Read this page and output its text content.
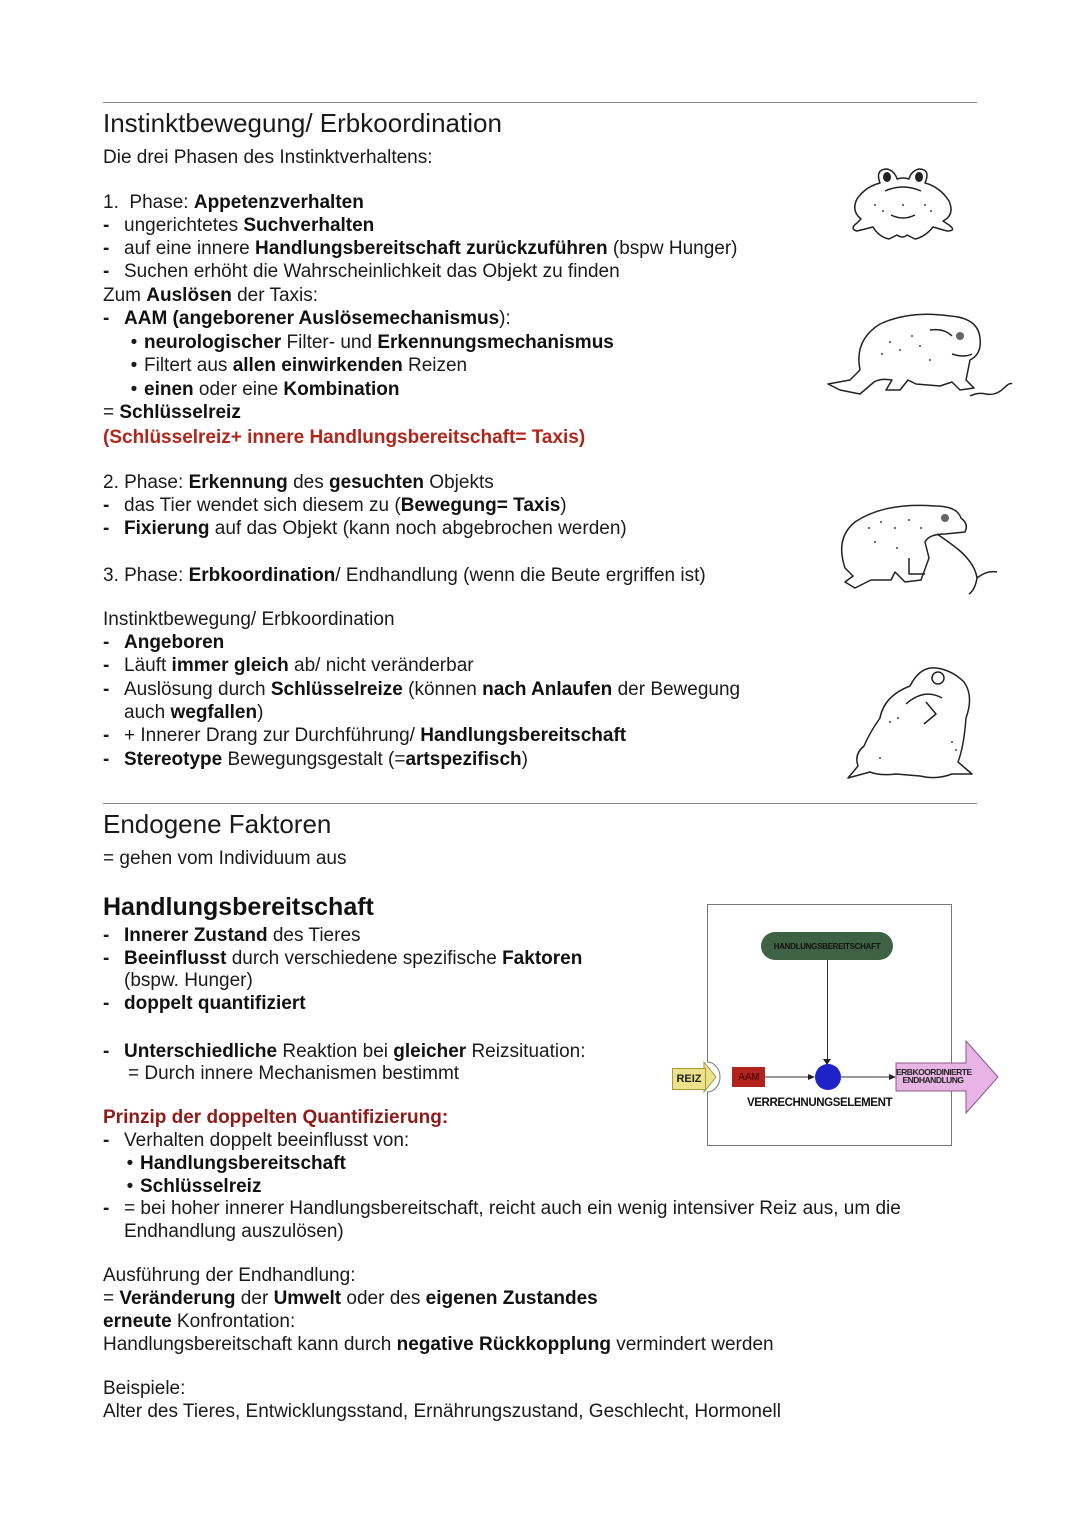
Instinktbewegung/ Erbkoordination
Die drei Phasen des Instinktverhaltens:
1.  Phase: Appetenzverhalten
- ungerichtetes Suchverhalten
- auf eine innere Handlungsbereitschaft zurückzuführen (bspw Hunger)
- Suchen erhöht die Wahrscheinlichkeit das Objekt zu finden
Zum Auslösen der Taxis:
- AAM (angeborener Auslösemechanismus):
• neurologischer Filter- und Erkennungsmechanismus
• Filtert aus allen einwirkenden Reizen
• einen oder eine Kombination
= Schlüsselreiz
(Schlüsselreiz+ innere Handlungsbereitschaft= Taxis)
2. Phase: Erkennung des gesuchten Objekts
- das Tier wendet sich diesem zu (Bewegung= Taxis)
- Fixierung auf das Objekt (kann noch abgebrochen werden)
3. Phase: Erbkoordination/ Endhandlung (wenn die Beute ergriffen ist)
Instinktbewegung/ Erbkoordination
- Angeboren
- Läuft immer gleich ab/ nicht veränderbar
- Auslösung durch Schlüsselreize (können nach Anlaufen der Bewegung
auch wegfallen)
- + Innerer Drang zur Durchführung/ Handlungsbereitschaft
- Stereotype Bewegungsgestalt (=artspezifisch)
Endogene Faktoren
= gehen vom Individuum aus
Handlungsbereitschaft
- Innerer Zustand des Tieres
- Beeinflusst durch verschiedene spezifische Faktoren
(bspw. Hunger)
- doppelt quantifiziert
- Unterschiedliche Reaktion bei gleicher Reizsituation:
= Durch innere Mechanismen bestimmt
Prinzip der doppelten Quantifizierung:
- Verhalten doppelt beeinflusst von:
• Handlungsbereitschaft
• Schlüsselreiz
- = bei hoher innerer Handlungsbereitschaft, reicht auch ein wenig intensiver Reiz aus, um die
Endhandlung auszulösen)
Ausführung der Endhandlung:
= Veränderung der Umwelt oder des eigenen Zustandes
erneute Konfrontation:
Handlungsbereitschaft kann durch negative Rückkopplung vermindert werden
Beispiele:
Alter des Tieres, Entwicklungsstand, Ernährungszustand, Geschlecht, Hormonell
HANDLUNGSBEREITSCHAFT
REIZ	AAM
VERRECHNUNGSELEMENT
ERBKOORDINIERTE
ENDHANDLUNG
